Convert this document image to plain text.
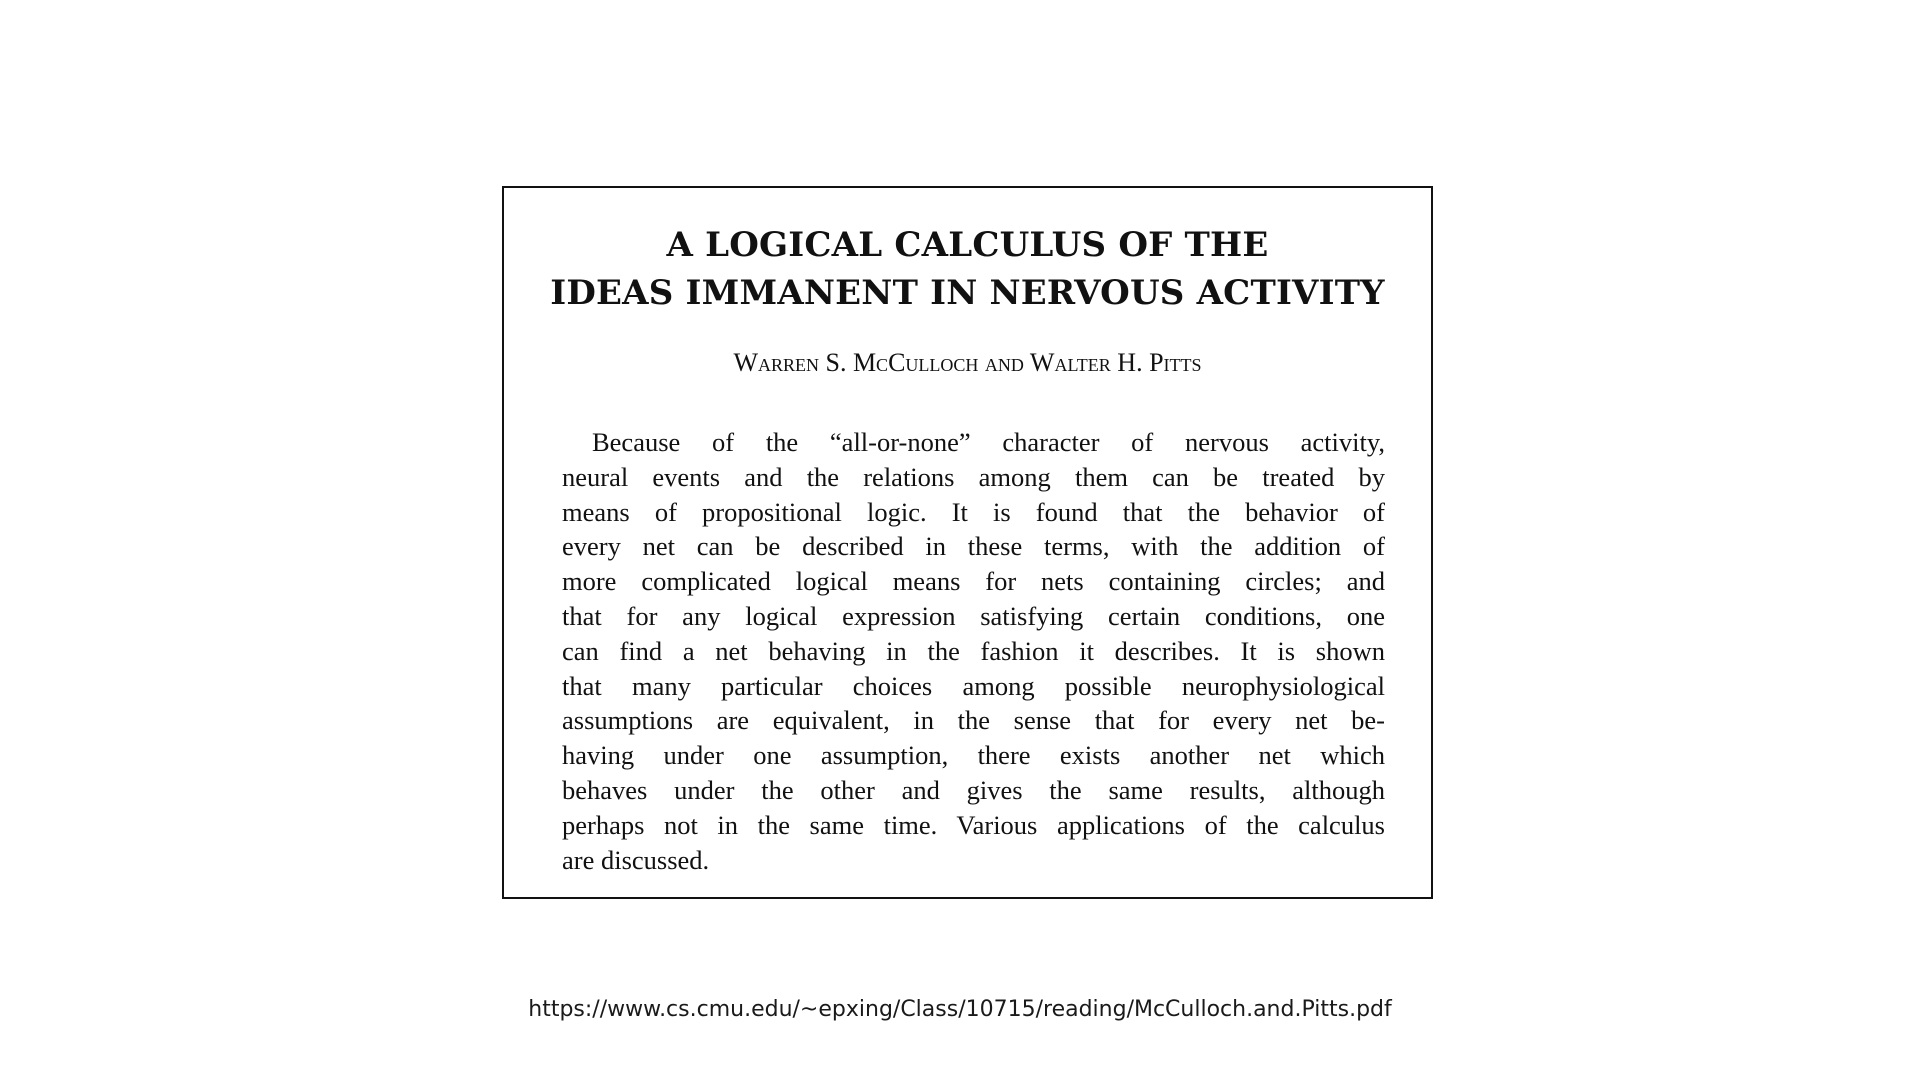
A LOGICAL CALCULUS OF THE
IDEAS IMMANENT IN NERVOUS ACTIVITY
Warren S. McCulloch and Walter H. Pitts
Because of the “all-or-none” character of nervous activity,
neural events and the relations among them can be treated by
means of propositional logic. It is found that the behavior of
every net can be described in these terms, with the addition of
more complicated logical means for nets containing circles; and
that for any logical expression satisfying certain conditions, one
can find a net behaving in the fashion it describes. It is shown
that many particular choices among possible neurophysiological
assumptions are equivalent, in the sense that for every net be-
having under one assumption, there exists another net which
behaves under the other and gives the same results, although
perhaps not in the same time. Various applications of the calculus
are discussed.
https://www.cs.cmu.edu/~epxing/Class/10715/reading/McCulloch.and.Pitts.pdf
